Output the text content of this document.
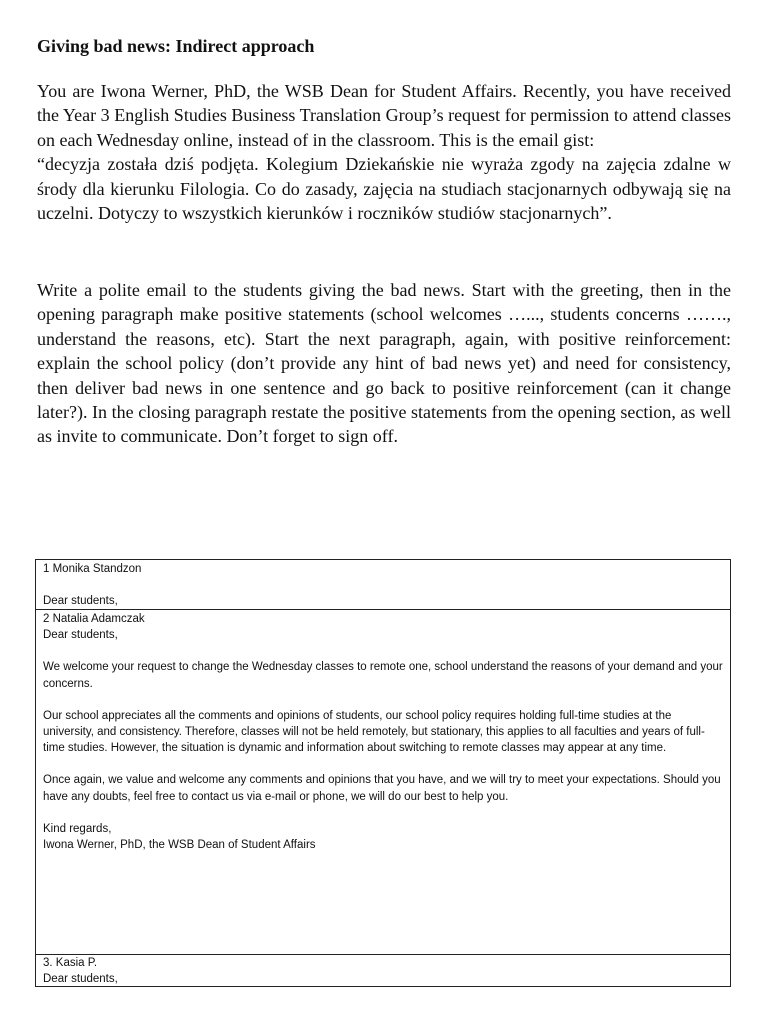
Giving bad news: Indirect approach

You are Iwona Werner, PhD, the WSB Dean for Student Affairs. Recently, you have received the Year 3 English Studies Business Translation Group’s request for permission to attend classes on each Wednesday online, instead of in the classroom. This is the email gist:

“decyzja została dziś podjęta. Kolegium Dziekańskie nie wyraża zgody na zajęcia zdalne w środy dla kierunku Filologia. Co do zasady, zajęcia na studiach stacjonarnych odbywają się na uczelni. Dotyczy to wszystkich kierunków i roczników studiów stacjonarnych”.

Write a polite email to the students giving the bad news. Start with the greeting, then in the opening paragraph make positive statements (school welcomes …..., students concerns ……., understand the reasons, etc). Start the next paragraph, again, with positive reinforcement: explain the school policy (don’t provide any hint of bad news yet) and need for consistency, then deliver bad news in one sentence and go back to positive reinforcement (can it change later?). In the closing paragraph restate the positive statements from the opening section, as well as invite to communicate. Don’t forget to sign off.

1 Monika Standzon

Dear students,

2 Natalia Adamczak

Dear students,

We welcome your request to change the Wednesday classes to remote one, school understand the reasons of your demand and your concerns.

Our school appreciates all the comments and opinions of students, our school policy requires holding full-time studies at the university, and consistency. Therefore, classes will not be held remotely, but stationary, this applies to all faculties and years of full-time studies. However, the situation is dynamic and information about switching to remote classes may appear at any time.

Once again, we value and welcome any comments and opinions that you have, and we will try to meet your expectations. Should you have any doubts, feel free to contact us via e-mail or phone, we will do our best to help you.

Kind regards,

Iwona Werner, PhD, the WSB Dean of Student Affairs

3. Kasia P.

Dear students,
